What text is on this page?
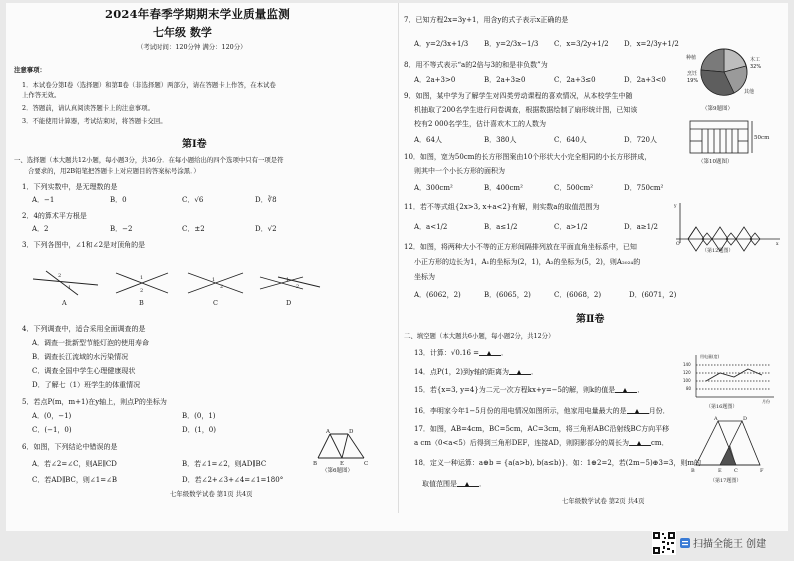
2024年春季学期期末学业质量监测
七年级 数学
（考试时间：120分钟 满分：120分）
注意事项：
1．本试卷分第Ⅰ卷（选择题）和第Ⅱ卷（非选择题）两部分，请在答题卡上作答，在本试卷
上作答无效。
2．答题前，请认真阅读答题卡上的注意事项。
3．不能使用计算器，考试结束时，将答题卡交回。
第Ⅰ卷
一、选择题（本大题共12小题，每小题3分，共36分．在每小题给出的四个选项中只有一项是符
合要求的，用2B铅笔把答题卡上对应题目的答案标号涂黑．）
1．下列实数中，是无理数的是
A．−1	B．0	C．√6	D．∛8
2．4的算术平方根是
A．2	B．−2	C．±2	D．√2
3．下列各图中，∠1和∠2是对顶角的是
1
2	1
2
1
2
1
2
A	B	C	D
4．下列调查中，适合采用全面调查的是
A．调查一批新型节能灯泡的使用寿命
B．调查长江流域的水污染情况
C．调查全国中学生心理健康现状
D．了解七（1）班学生的体重情况
5．若点P(m，m+1)在y轴上，则点P的坐标为
A．(0，−1)	B．(0，1)
C．(−1，0)	D．(1，0)
6．如图，下列结论中错误的是
A．若∠2=∠C，则AE∥CD	B．若∠1=∠2，则AD∥BC
C．若AD∥BC，则∠1=∠B	D．若∠2+∠3+∠4=∠1=180°
A	D
B	E	C
（第6题图）
七年级数学试卷 第1页 共4页
7．已知方程2x=3y+1，用含y的式子表示x正确的是
A．y=2/3x+1/3 B．y=2/3x−1/3 C．x=3/2y+1/2 D．x=2/3y+1/2
8．用不等式表示“a的2倍与3的和是非负数”为
A．2a+3>0	B．2a+3≥0	C．2a+3≤0	D．2a+3<0
9．如图，某中学为了解学生对四类劳动课程的喜欢情况，从本校学生中随
机抽取了200名学生进行问卷调查，根据数据绘制了扇形统计图，已知该
校有2 000名学生，估计喜欢木工的人数为
A．64人	B．380人	C．640人	D．720人
种植	木工
32%
烹饪
19%
其他
（第9题图）
10．如图，宽为50cm的长方形图案由10个形状大小完全相同的小长方形拼成，
则其中一个小长方形的面积为
A．300cm²	B．400cm²	C．500cm²	D．750cm²
50cm
（第10题图）
11．若不等式组{2x>3, x+a<2}有解，则实数a的取值范围为
A．a<1/2	B．a≤1/2	C．a>1/2	D．a≥1/2
y
x
O
（第12题图）
12．如图，将两种大小不等的正方形间隔排列放在平面直角坐标系中，已知
小正方形的边长为1，A₁的坐标为(2，1)，A₂的坐标为(5，2)，则A₂₀₂₄的
坐标为
A．(6062，2)	B．(6065，2)	C．(6068，2)	D．(6071，2)
第Ⅱ卷
二、填空题（本大题共6小题，每小题2分，共12分）
13．计算：√0.16 =	．
14．点P(1，2)到y轴的距离为	．
15．若{x=3, y=4}为二元一次方程kx+y=−5的解，则k的值是	．
16．李明家今年1−5月份的用电情况如图所示，他家用电量最大的是	月份．
17．如图，AB=4cm，BC=5cm，AC=3cm，将三角形ABC沿射线BC方向平移
a cm（0<a<5）后得到三角形DEF，连接AD，则阴影部分的周长为	cm．
18．定义一种运算：a⊕b = {a(a>b), b(a≤b)}．如：1⊕2=2，若(2m−5)⊕3=3，则m的
取值范围是	．
用电量(度)
140
120
100
80
月份
（第16题图）
A	D
B	E C	F
（第17题图）
七年级数学试卷 第2页 共4页
扫描全能王 创建
